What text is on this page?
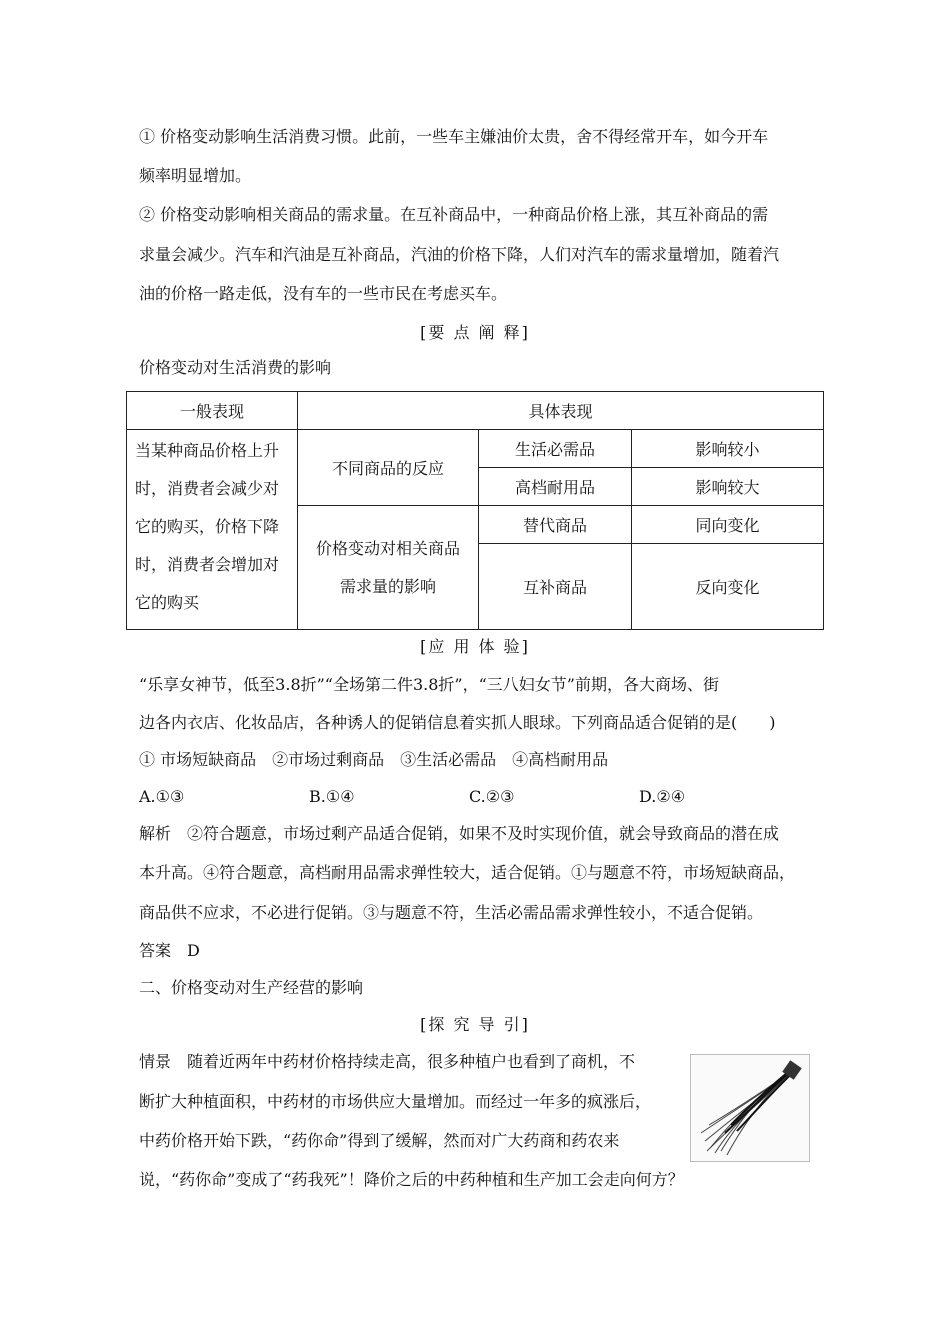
① 价格变动影响生活消费习惯。此前，一些车主嫌油价太贵，舍不得经常开车，如今开车
频率明显增加。
② 价格变动影响相关商品的需求量。在互补商品中，一种商品价格上涨，其互补商品的需
求量会减少。汽车和汽油是互补商品，汽油的价格下降，人们对汽车的需求量增加，随着汽
油的价格一路走低，没有车的一些市民在考虑买车。
[要 点 阐 释]
价格变动对生活消费的影响
一般表现	具体表现		

当某种商品价格上升
时，消费者会减少对
它的购买，价格下降
时，消费者会增加对
它的购买	不同商品的反应	生活必需品	影响较小
		高档耐用品	影响较大

	价格变动对相关商品
需求量的影响	替代商品	同向变化
		互补商品	反向变化
[应 用 体 验]
“乐享女神节，低至3.8折”“全场第二件3.8折”，“三八妇女节”前期，各大商场、街
边各内衣店、化妆品店，各种诱人的促销信息着实抓人眼球。下列商品适合促销的是(　　)
① 市场短缺商品　②市场过剩商品　③生活必需品　④高档耐用品
A.①③	B.①④	C.②③	D.②④
解析　②符合题意，市场过剩产品适合促销，如果不及时实现价值，就会导致商品的潜在成
本升高。④符合题意，高档耐用品需求弹性较大，适合促销。①与题意不符，市场短缺商品，
商品供不应求，不必进行促销。③与题意不符，生活必需品需求弹性较小，不适合促销。
答案　D
二、价格变动对生产经营的影响
[探 究 导 引]
情景　随着近两年中药材价格持续走高，很多种植户也看到了商机，不
断扩大种植面积，中药材的市场供应大量增加。而经过一年多的疯涨后，
中药价格开始下跌，“药你命”得到了缓解，然而对广大药商和药农来
说，“药你命”变成了“药我死”！降价之后的中药种植和生产加工会走向何方？
